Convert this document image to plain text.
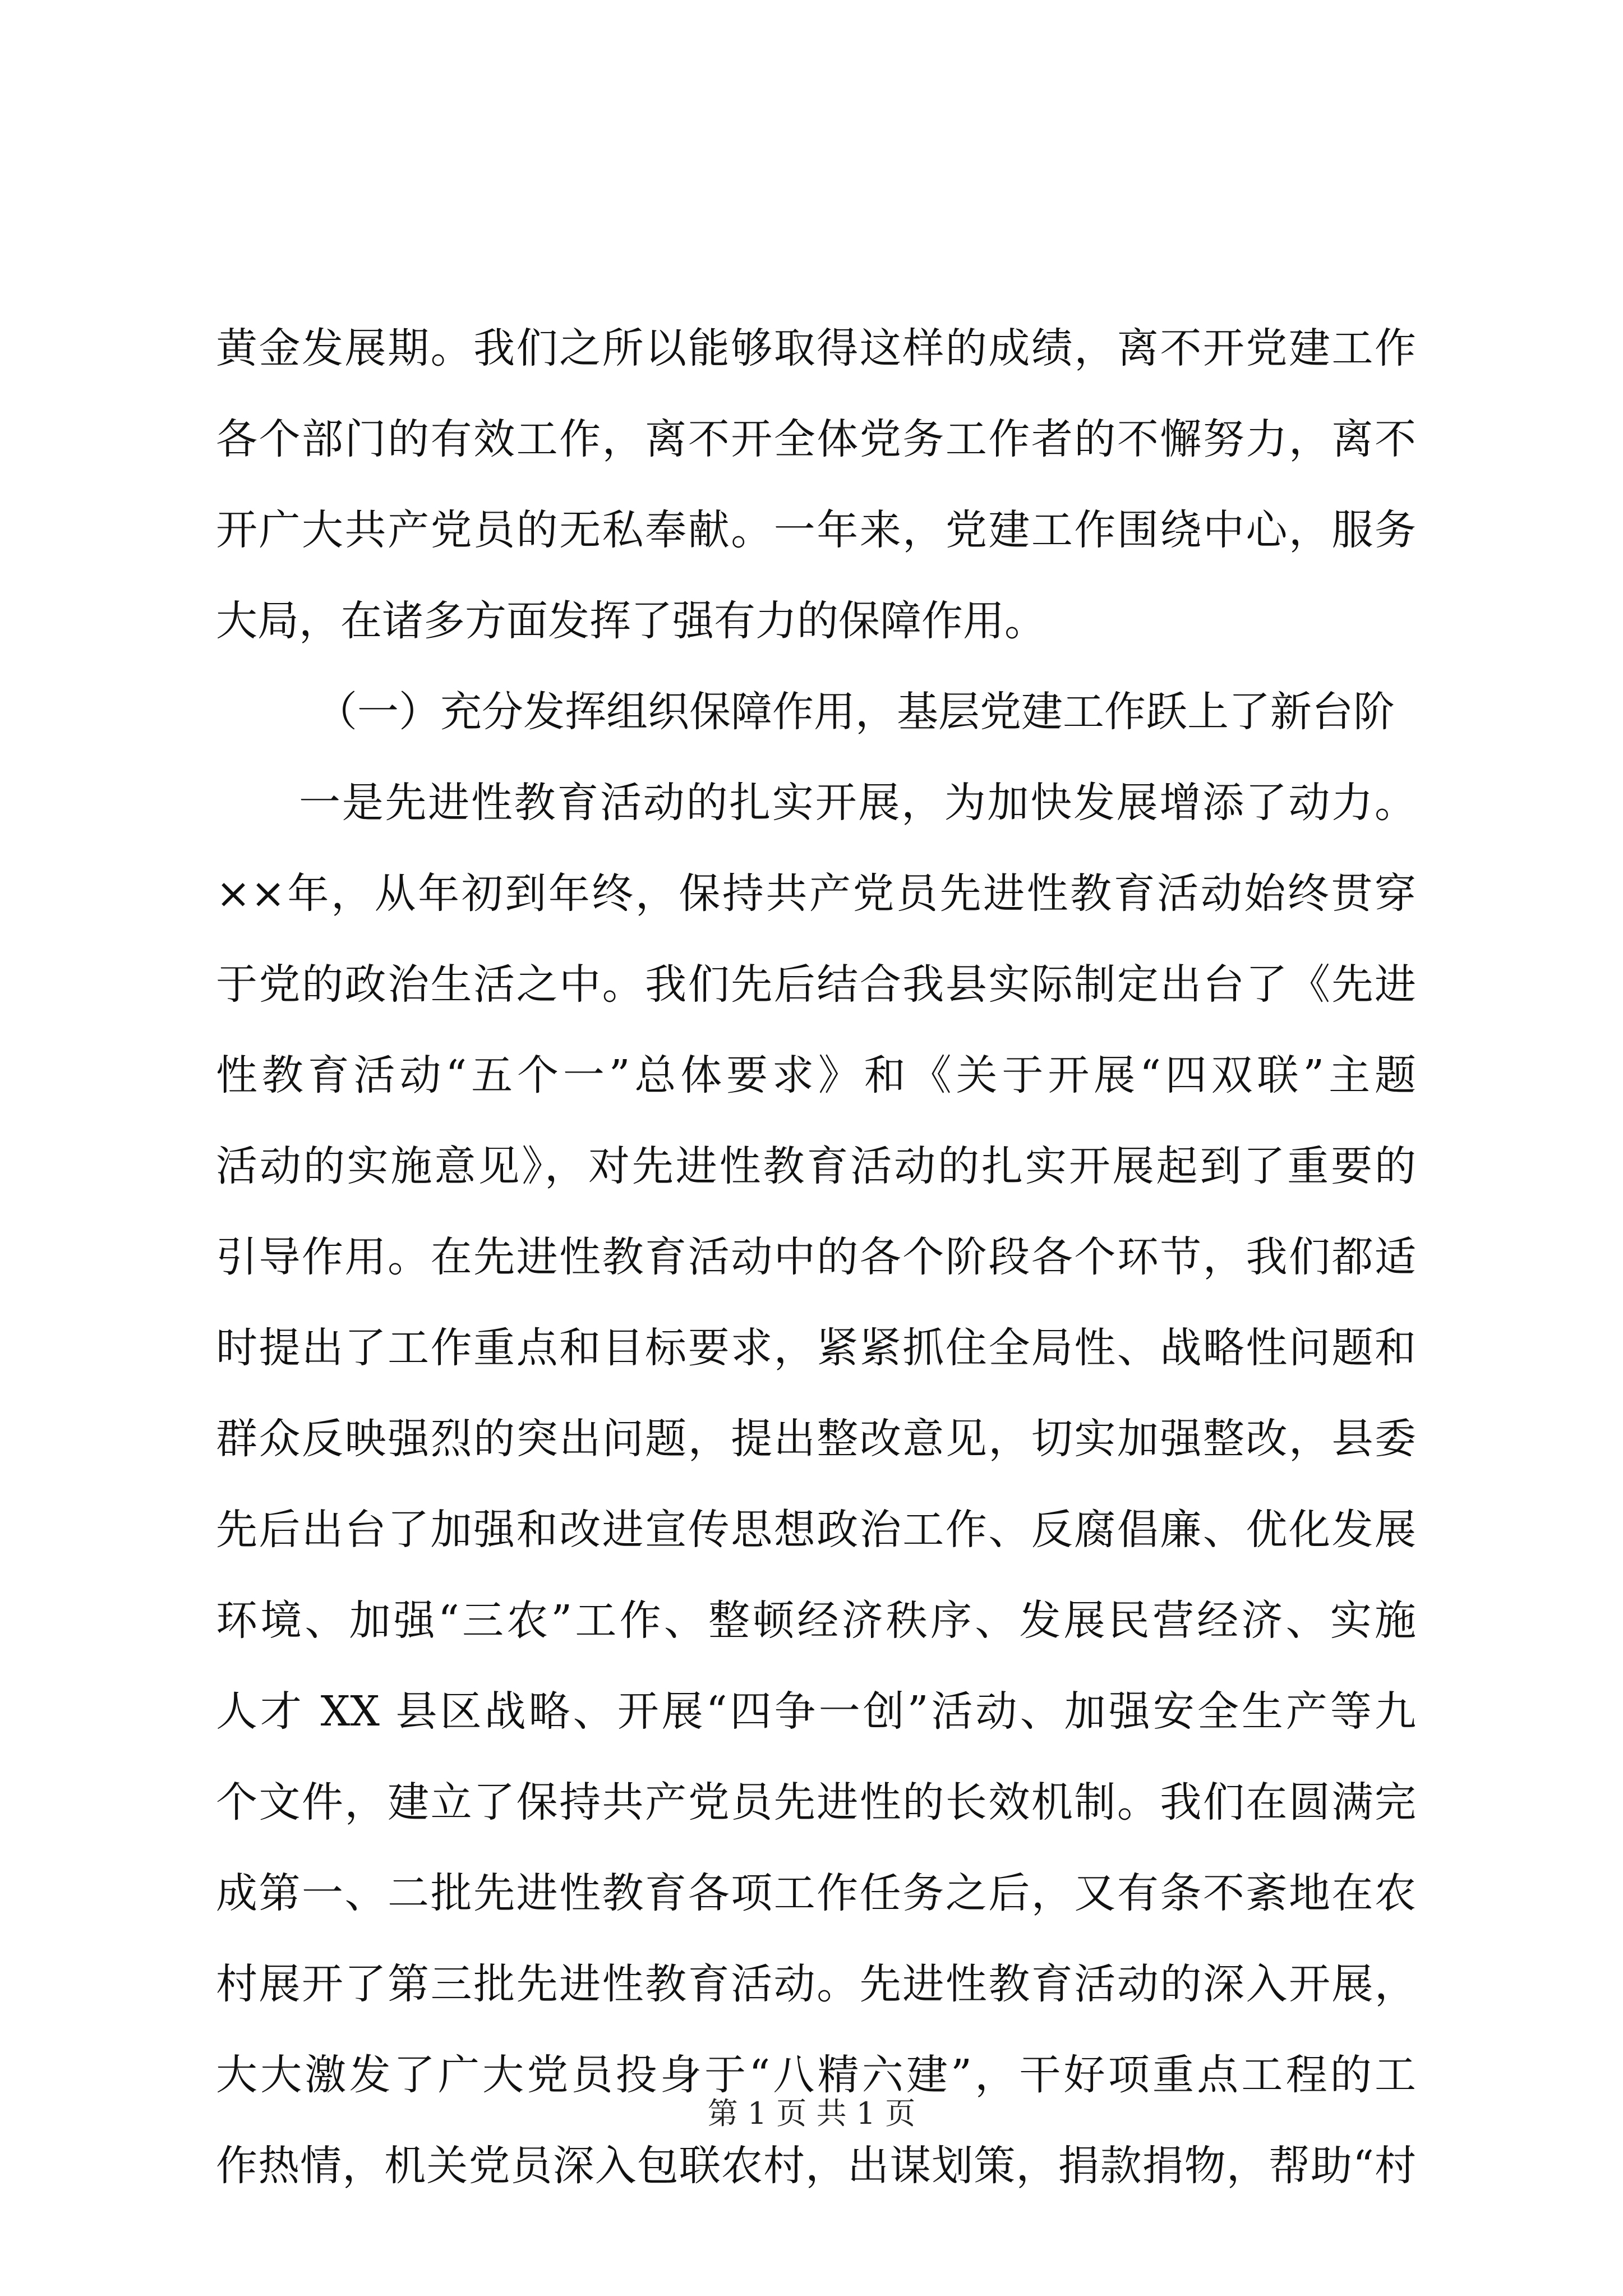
黄金发展期。我们之所以能够取得这样的成绩，离不开党建工作
各个部门的有效工作，离不开全体党务工作者的不懈努力，离不
开广大共产党员的无私奉献。一年来，党建工作围绕中心，服务
大局，在诸多方面发挥了强有力的保障作用。
（一）充分发挥组织保障作用，基层党建工作跃上了新台阶
一是先进性教育活动的扎实开展，为加快发展增添了动力。
××年，从年初到年终，保持共产党员先进性教育活动始终贯穿
于党的政治生活之中。我们先后结合我县实际制定出台了《先进
性教育活动“五个一”总体要求》和《关于开展“四双联”主题
活动的实施意见》，对先进性教育活动的扎实开展起到了重要的
引导作用。在先进性教育活动中的各个阶段各个环节，我们都适
时提出了工作重点和目标要求，紧紧抓住全局性、战略性问题和
群众反映强烈的突出问题，提出整改意见，切实加强整改，县委
先后出台了加强和改进宣传思想政治工作、反腐倡廉、优化发展
环境、加强“三农”工作、整顿经济秩序、发展民营经济、实施
人才 XX 县区战略、开展“四争一创”活动、加强安全生产等九
个文件，建立了保持共产党员先进性的长效机制。我们在圆满完
成第一、二批先进性教育各项工作任务之后，又有条不紊地在农
村展开了第三批先进性教育活动。先进性教育活动的深入开展，
大大激发了广大党员投身于“八精六建”，干好项重点工程的工
作热情，机关党员深入包联农村，出谋划策，捐款捐物，帮助“村
第 1 页 共 1 页
